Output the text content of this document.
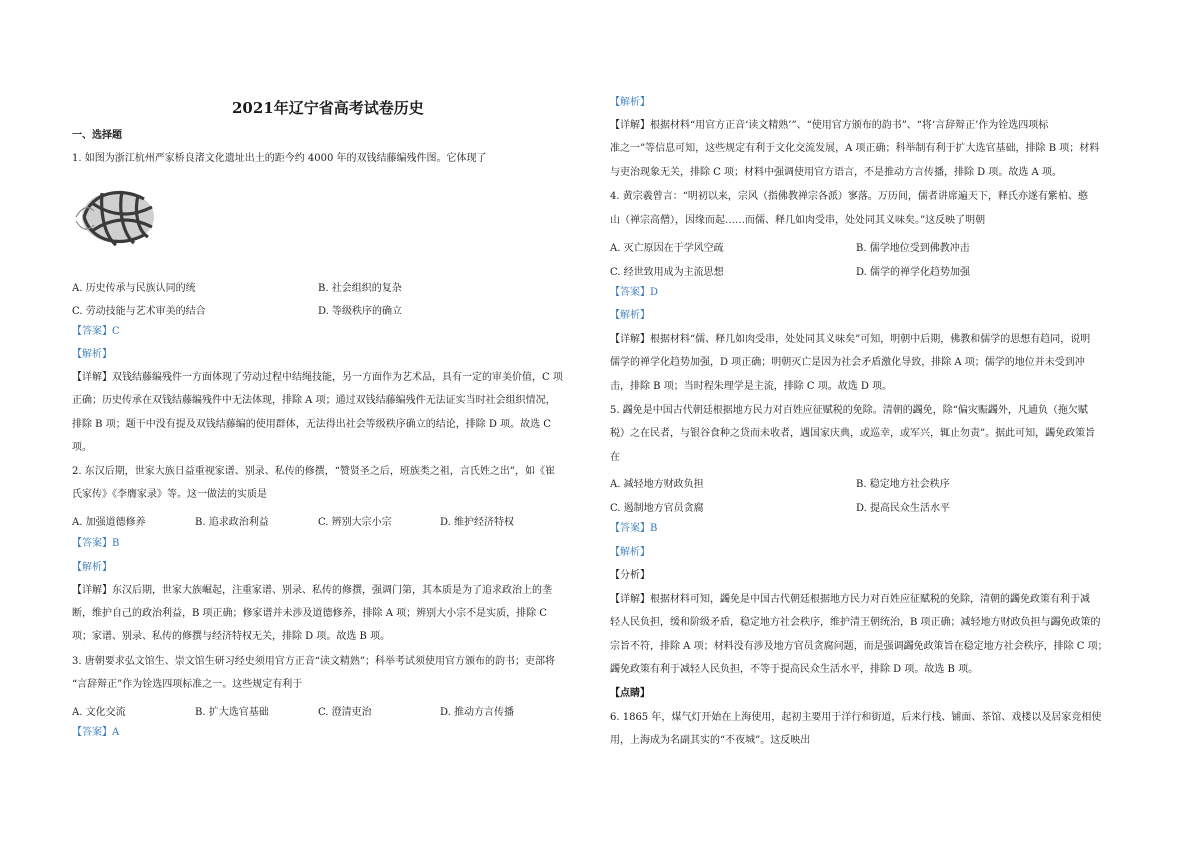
2021年辽宁省高考试卷历史
一、选择题
1. 如图为浙江杭州严家桥良渚文化遗址出土的距今约 4000 年的双钱结藤编残件图。它体现了
A. 历史传承与民族认同的统	B. 社会组织的复杂
C. 劳动技能与艺术审美的结合	D. 等级秩序的确立
【答案】C
【解析】
【详解】双钱结藤编残件一方面体现了劳动过程中结绳技能，另一方面作为艺术品，具有一定的审美价值，C 项
正确；历史传承在双钱结藤编残件中无法体现，排除 A 项；通过双钱结藤编残件无法证实当时社会组织情况，
排除 B 项；题干中没有提及双钱结藤编的使用群体，无法得出社会等级秩序确立的结论，排除 D 项。故选 C
项。
2. 东汉后期，世家大族日益重视家谱、别录、私传的修撰，“赞贤圣之后，班族类之祖，言氏姓之出”，如《崔
氏家传》《李膺家录》等。这一做法的实质是
A. 加强道德修养	B. 追求政治利益	C. 辨别大宗小宗	D. 维护经济特权
【答案】B
【解析】
【详解】东汉后期，世家大族崛起，注重家谱、别录、私传的修撰，强调门第，其本质是为了追求政治上的垄
断，维护自己的政治利益，B 项正确；修家谱并未涉及道德修养，排除 A 项；辨别大小宗不是实质，排除 C
项；家谱、别录、私传的修撰与经济特权无关，排除 D 项。故选 B 项。
3. 唐朝要求弘文馆生、崇文馆生研习经史须用官方正音“读文精熟”；科举考试须使用官方颁布的韵书；吏部将
“言辞辩正”作为铨选四项标准之一。这些规定有利于
A. 文化交流	B. 扩大选官基础	C. 澄清吏治	D. 推动方言传播
【答案】A
【解析】
【详解】根据材料“用官方正音‘读文精熟’”、“使用官方颁布的韵书”、“将‘言辞辩正’作为铨选四项标
准之一”等信息可知，这些规定有利于文化交流发展，A 项正确；科举制有利于扩大选官基础，排除 B 项；材料
与吏治现象无关，排除 C 项；材料中强调使用官方语言，不是推动方言传播，排除 D 项。故选 A 项。
4. 黄宗羲曾言：“明初以来，宗风（指佛教禅宗各派）寥落。万历间，儒者讲席遍天下，释氏亦遂有紫柏、憨
山（禅宗高僧），因缘而起……而儒、释几如肉受串，处处同其义味矣。”这反映了明朝
A. 灭亡原因在于学风空疏	B. 儒学地位受到佛教冲击
C. 经世致用成为主流思想	D. 儒学的禅学化趋势加强
【答案】D
【解析】
【详解】根据材料“儒、释几如肉受串，处处同其义味矣”可知，明朝中后期，佛教和儒学的思想有趋同，说明
儒学的禅学化趋势加强，D 项正确；明朝灭亡是因为社会矛盾激化导致，排除 A 项；儒学的地位并未受到冲
击，排除 B 项；当时程朱理学是主流，排除 C 项。故选 D 项。
5. 蠲免是中国古代朝廷根据地方民力对百姓应征赋税的免除。清朝的蠲免，除“偏灾赈蠲外，凡逋负（拖欠赋
税）之在民者，与银谷食种之贷而未收者，遇国家庆典，或巡幸，或军兴，辄止勿责”。据此可知，蠲免政策旨
在
A. 减轻地方财政负担	B. 稳定地方社会秩序
C. 遏制地方官员贪腐	D. 提高民众生活水平
【答案】B
【解析】
【分析】
【详解】根据材料可知，蠲免是中国古代朝廷根据地方民力对百姓应征赋税的免除，清朝的蠲免政策有利于减
轻人民负担，缓和阶级矛盾，稳定地方社会秩序，维护清王朝统治，B 项正确；减轻地方财政负担与蠲免政策的
宗旨不符，排除 A 项；材料没有涉及地方官员贪腐问题，而是强调蠲免政策旨在稳定地方社会秩序，排除 C 项；
蠲免政策有利于减轻人民负担，不等于提高民众生活水平，排除 D 项。故选 B 项。
【点睛】
6. 1865 年，煤气灯开始在上海使用，起初主要用于洋行和街道，后来行栈、铺面、茶馆、戏楼以及居家竞相使
用，上海成为名副其实的“不夜城”。这反映出
